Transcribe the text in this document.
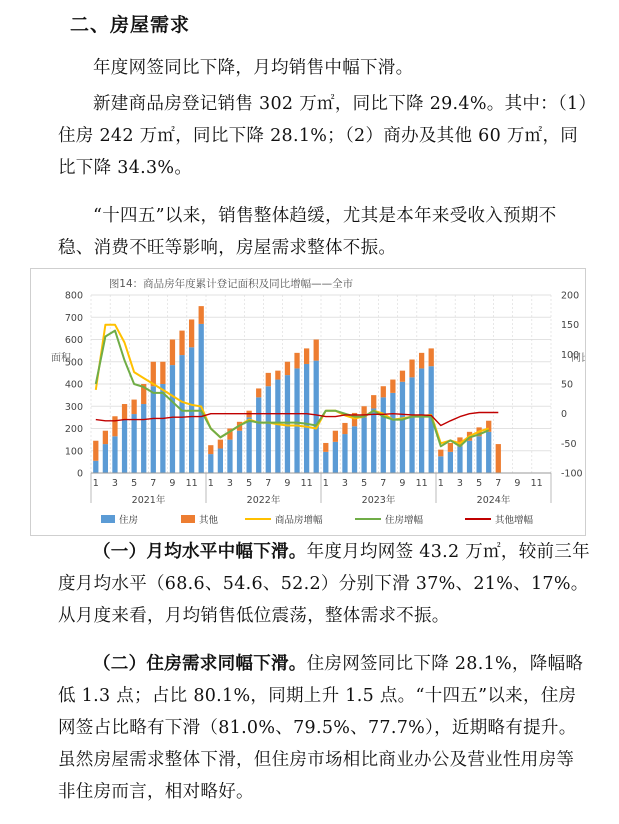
二、房屋需求

年度网签同比下降，月均销售中幅下滑。

新建商品房登记销售 302 万㎡，同比下降 29.4%。其中：（1）住房 242 万㎡，同比下降 28.1%；（2）商办及其他 60 万㎡，同比下降 34.3%。

“十四五”以来，销售整体趋缓，尤其是本年来受收入预期不稳、消费不旺等影响，房屋需求整体不振。

图14：商品房年度累计登记面积及同比增幅——全市
面积	同
0
100
200
300
400
500
600
700
800
-100
-50
0
50
100
150
200
1 3 5 7 9 11 1 3 5 7 9 11 1 3 5 7 9 11 1 3 5 7 9 11
2021年	2022年	2023年	2024年
住房	其他	商品房增幅	住房增幅	其他增幅

（一）月均水平中幅下滑。年度月均网签 43.2 万㎡，较前三年度月均水平（68.6、54.6、52.2）分别下滑 37%、21%、17%。从月度来看，月均销售低位震荡，整体需求不振。

（二）住房需求同幅下滑。住房网签同比下降 28.1%，降幅略低 1.3 点；占比 80.1%，同期上升 1.5 点。“十四五”以来，住房网签占比略有下滑（81.0%、79.5%、77.7%），近期略有提升。虽然房屋需求整体下滑，但住房市场相比商业办公及营业性用房等非住房而言，相对略好。
